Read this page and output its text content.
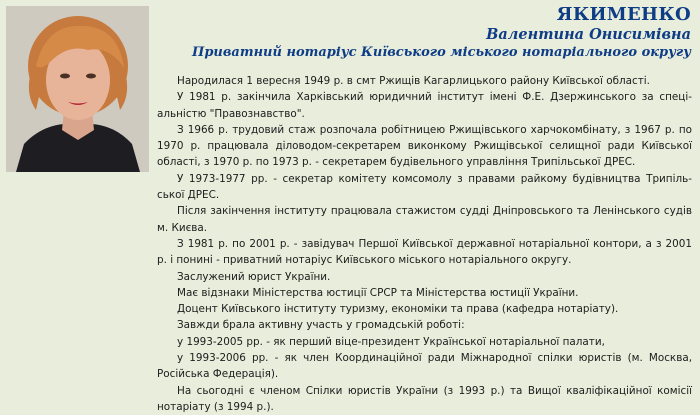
ЯКИМЕНКО
Валентина Онисимівна
Приватний нотаріус Київського міського нотаріального округу

Народилася 1 вересня 1949 р. в смт Ржищів Кагарлицького району Київської області.

У 1981 р. закінчила Харківський юридичний інститут імені Ф.Е. Дзержинського за спеці-альністю "Правознавство".

З 1966 р. трудовий стаж розпочала робітницею Ржищівського харчокомбінату, з 1967 р. по 1970 р. працювала діловодом-секретарем виконкому Ржищівської селищної ради Київської області, з 1970 р. по 1973 р. - секретарем будівельного управління Трипільської ДРЕС.

У 1973-1977 рр. - секретар комітету комсомолу з правами райкому будівництва Трипіль-ської ДРЕС.

Після закінчення інституту працювала стажистом судді Дніпровського та Ленінського судів м. Києва.

З 1981 р. по 2001 р. - завідувач Першої Київської державної нотаріальної контори, а з 2001 р. і понині - приватний нотаріус Київського міського нотаріального округу.

Заслужений юрист України.

Має відзнаки Міністерства юстиції СРСР та Міністерства юстиції України.

Доцент Київського інституту туризму, економіки та права (кафедра нотаріату).

Завжди брала активну участь у громадській роботі:

у 1993-2005 рр. - як перший віце-президент Української нотаріальної палати,

у 1993-2006 рр. - як член Координаційної ради Міжнародної спілки юристів (м. Москва, Російська Федерація).

На сьогодні є членом Спілки юристів України (з 1993 р.) та Вищої кваліфікаційної комісії нотаріату (з 1994 р.).
